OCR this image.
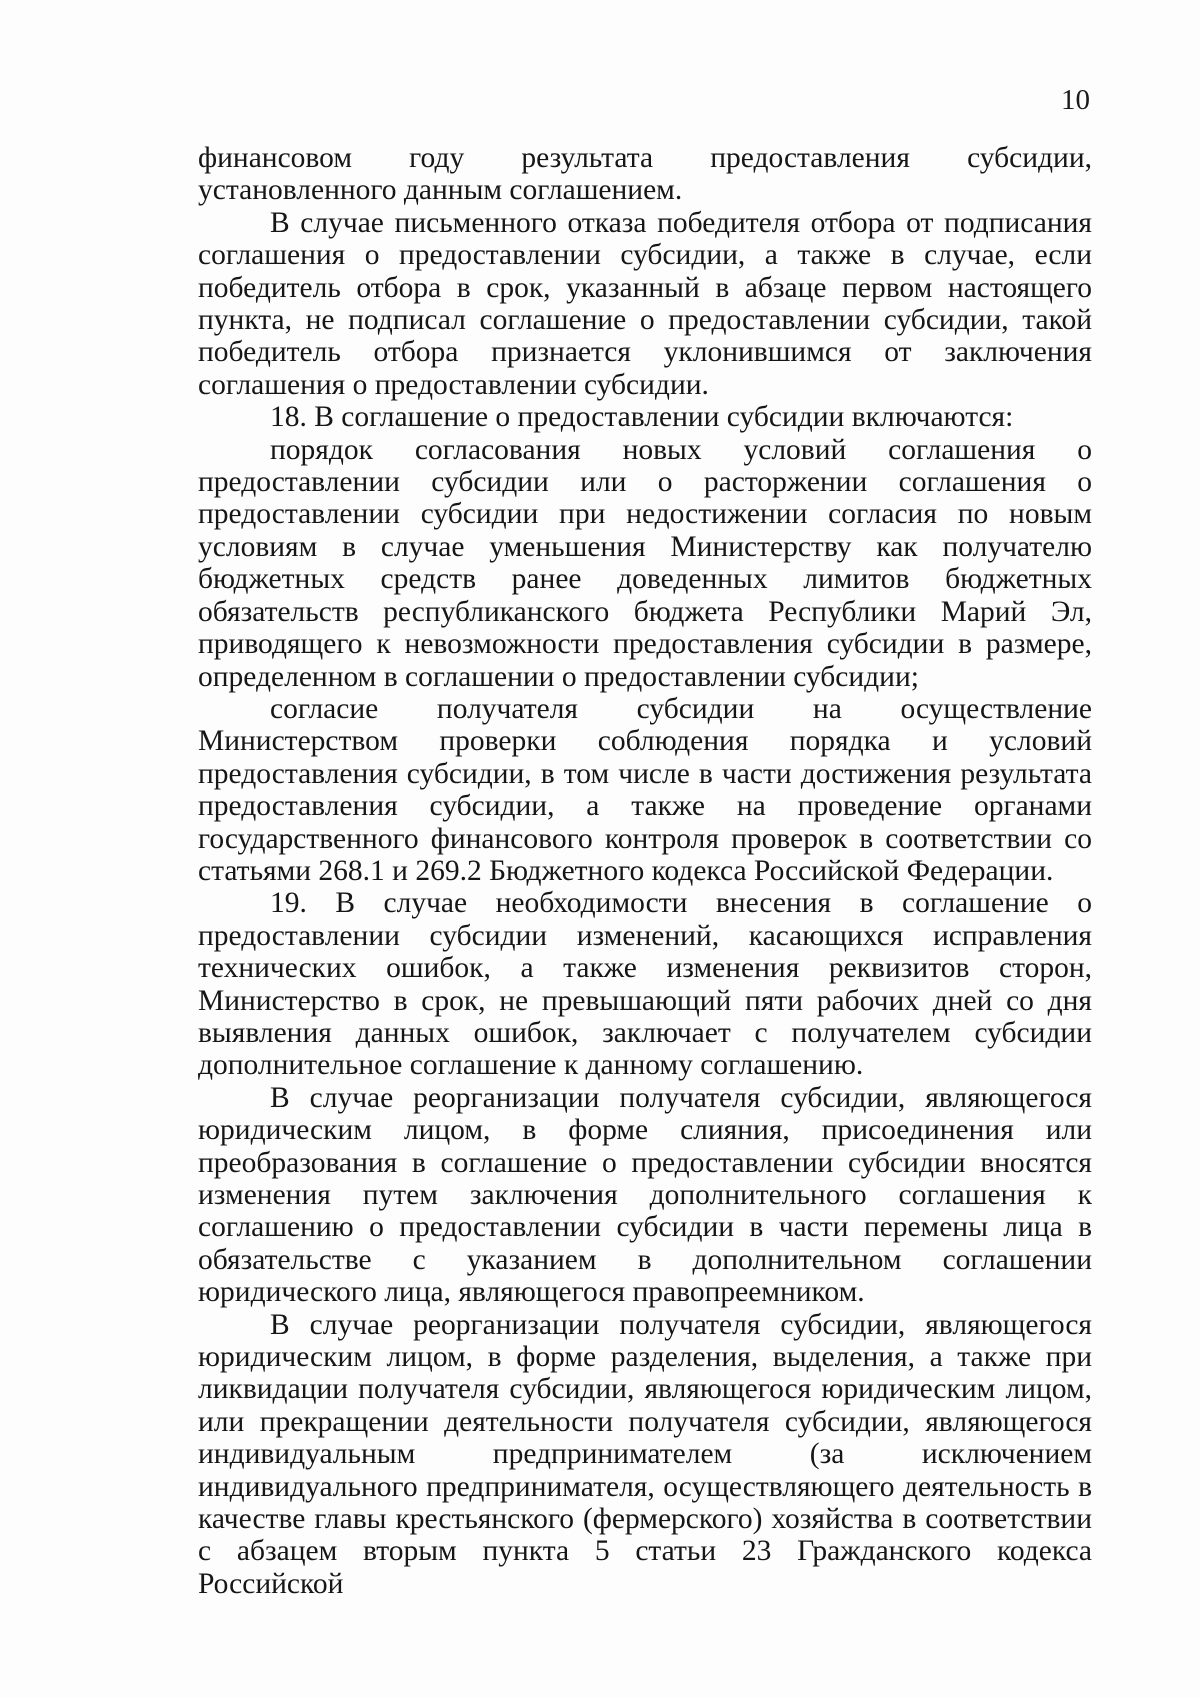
10

финансовом году результата предоставления субсидии, установленного данным соглашением.

В случае письменного отказа победителя отбора от подписания соглашения о предоставлении субсидии, а также в случае, если победитель отбора в срок, указанный в абзаце первом настоящего пункта, не подписал соглашение о предоставлении субсидии, такой победитель отбора признается уклонившимся от заключения соглашения о предоставлении субсидии.

18. В соглашение о предоставлении субсидии включаются:

порядок согласования новых условий соглашения о предоставлении субсидии или о расторжении соглашения о предоставлении субсидии при недостижении согласия по новым условиям в случае уменьшения Министерству как получателю бюджетных средств ранее доведенных лимитов бюджетных обязательств республиканского бюджета Республики Марий Эл, приводящего к невозможности предоставления субсидии в размере, определенном в соглашении о предоставлении субсидии;

согласие получателя субсидии на осуществление Министерством проверки соблюдения порядка и условий предоставления субсидии, в том числе в части достижения результата предоставления субсидии, а также на проведение органами государственного финансового контроля проверок в соответствии со статьями 268.1 и 269.2 Бюджетного кодекса Российской Федерации.

19. В случае необходимости внесения в соглашение о предоставлении субсидии изменений, касающихся исправления технических ошибок, а также изменения реквизитов сторон, Министерство в срок, не превышающий пяти рабочих дней со дня выявления данных ошибок, заключает с получателем субсидии дополнительное соглашение к данному соглашению.

В случае реорганизации получателя субсидии, являющегося юридическим лицом, в форме слияния, присоединения или преобразования в соглашение о предоставлении субсидии вносятся изменения путем заключения дополнительного соглашения к соглашению о предоставлении субсидии в части перемены лица в обязательстве с указанием в дополнительном соглашении юридического лица, являющегося правопреемником.

В случае реорганизации получателя субсидии, являющегося юридическим лицом, в форме разделения, выделения, а также при ликвидации получателя субсидии, являющегося юридическим лицом, или прекращении деятельности получателя субсидии, являющегося индивидуальным предпринимателем (за исключением индивидуального предпринимателя, осуществляющего деятельность в качестве главы крестьянского (фермерского) хозяйства в соответствии с абзацем вторым пункта 5 статьи 23 Гражданского кодекса Российской
